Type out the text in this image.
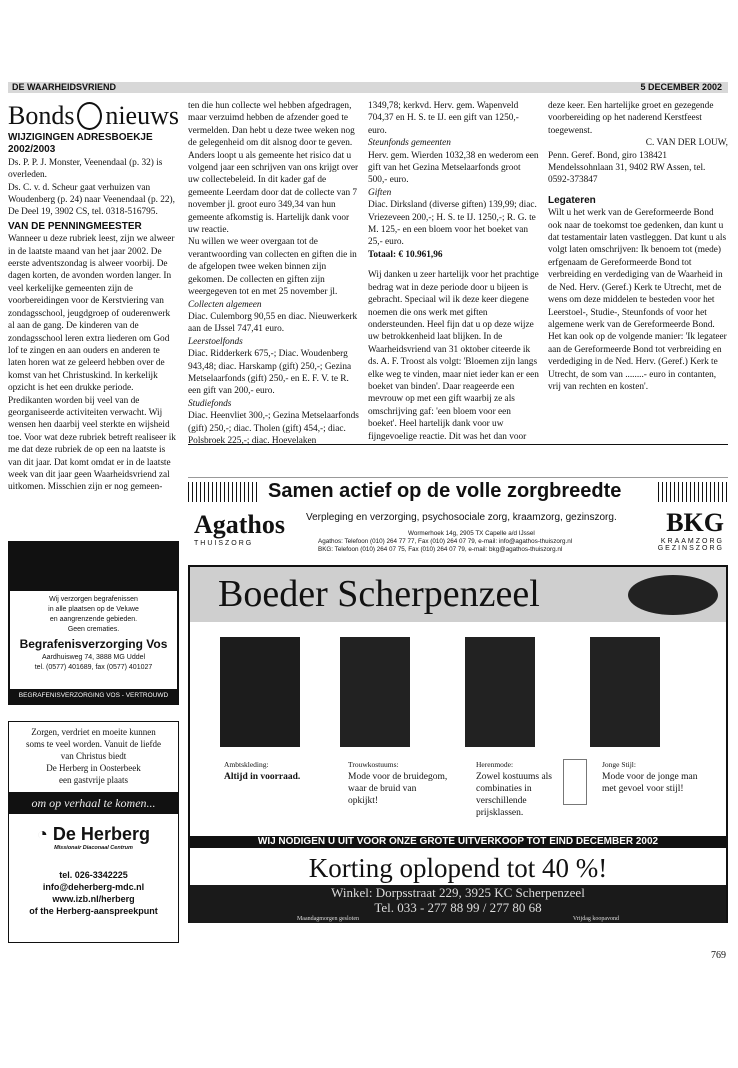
DE WAARHEIDSVRIEND	5 DECEMBER 2002
Bonds nieuws

WIJZIGINGEN ADRESBOEKJE 2002/2003

Ds. P. P. J. Monster, Veenendaal (p. 32) is overleden.

Ds. C. v. d. Scheur gaat verhuizen van Woudenberg (p. 24) naar Veenendaal (p. 22), De Deel 19, 3902 CS, tel. 0318-516795.

VAN DE PENNINGMEESTER

Wanneer u deze rubriek leest, zijn we alweer in de laatste maand van het jaar 2002. De eerste adventszondag is alweer voorbij. De dagen korten, de avonden worden langer. In veel kerkelijke gemeenten zijn de voorbereidingen voor de Kerstviering van zondagsschool, jeugdgroep of ouderenwerk al aan de gang. De kinderen van de zondagsschool leren extra liederen om God lof te zingen en aan ouders en anderen te laten horen wat ze geleerd hebben over de komst van het Christuskind. In kerkelijk opzicht is het een drukke periode. Predikanten worden bij veel van de georganiseerde activiteiten verwacht. Wij wensen hen daarbij veel sterkte en wijsheid toe. Voor wat deze rubriek betreft realiseer ik me dat deze rubriek de op een na laatste is van dit jaar. Dat komt omdat er in de laatste week van dit jaar geen Waarheidsvriend zal uitkomen. Misschien zijn er nog gemeen-

ten die hun collecte wel hebben afgedragen, maar verzuimd hebben de afzender goed te vermelden. Dan hebt u deze twee weken nog de gelegenheid om dit alsnog door te geven. Anders loopt u als gemeente het risico dat u volgend jaar een schrijven van ons krijgt over uw collectebeleid. In dit kader gaf de gemeente Leerdam door dat de collecte van 7 november jl. groot euro 349,34 van hun gemeente afkomstig is. Hartelijk dank voor uw reactie.

Nu willen we weer overgaan tot de verantwoording van collecten en giften die in de afgelopen twee weken binnen zijn gekomen. De collecten en giften zijn weergegeven tot en met 25 november jl.

Collecten algemeen

Diac. Culemborg 90,55 en diac. Nieuwerkerk aan de IJssel 747,41 euro.

Leerstoelfonds

Diac. Ridderkerk 675,-; Diac. Woudenberg 943,48; diac. Harskamp (gift) 250,-; Gezina Metselaarfonds (gift) 250,- en E. F. V. te R. een gift van 200,- euro.

Studiefonds

Diac. Heenvliet 300,-; Gezina Metselaarfonds (gift) 250,-; diac. Tholen (gift) 454,-; diac. Polsbroek 225,-; diac. Hoevelaken

1349,78; kerkvd. Herv. gem. Wapenveld 704,37 en H. S. te IJ. een gift van 1250,- euro.

Steunfonds gemeenten

Herv. gem. Wierden 1032,38 en wederom een gift van het Gezina Metselaarfonds groot 500,- euro.

Giften

Diac. Dirksland (diverse giften) 139,99; diac. Vriezeveen 200,-; H. S. te IJ. 1250,-; R. G. te M. 125,- en een bloem voor het boeket van 25,- euro.

Totaal: € 10.961,96

Wij danken u zeer hartelijk voor het prachtige bedrag wat in deze periode door u bijeen is gebracht. Speciaal wil ik deze keer diegene noemen die ons werk met giften ondersteunden. Heel fijn dat u op deze wijze uw betrokkenheid laat blijken. In de Waarheidsvriend van 31 oktober citeerde ik ds. A. F. Troost als volgt: 'Bloemen zijn langs elke weg te vinden, maar niet ieder kan er een boeket van binden'. Daar reageerde een mevrouw op met een gift waarbij ze als omschrijving gaf: 'een bloem voor een boeket'. Heel hartelijk dank voor uw fijngevoelige reactie. Dit was het dan voor

deze keer. Een hartelijke groet en gezegende voorbereiding op het naderend Kerstfeest toegewenst.

C. VAN DER LOUW,

Penn. Geref. Bond, giro 138421 Mendelssohnlaan 31, 9402 RW Assen, tel. 0592-373847

Legateren

Wilt u het werk van de Gereformeerde Bond ook naar de toekomst toe gedenken, dan kunt u dat testamentair laten vastleggen. Dat kunt u als volgt laten omschrijven: Ik benoem tot (mede) erfgenaam de Gereformeerde Bond tot verbreiding en verdediging van de Waarheid in de Ned. Herv. (Geref.) Kerk te Utrecht, met de wens om deze middelen te besteden voor het Leerstoel-, Studie-, Steunfonds of voor het algemene werk van de Gereformeerde Bond.

Het kan ook op de volgende manier: 'Ik legateer aan de Gereformeerde Bond tot verbreiding en verdediging in de Ned. Herv. (Geref.) Kerk te Utrecht, de som van ........- euro in contanten, vrij van rechten en kosten'.

Samen actief op de volle zorgbreedte
Agathos
THUISZORG
Verpleging en verzorging, psychosociale zorg, kraamzorg, gezinszorg.
Wormerhoek 14g, 2905 TX Capelle a/d IJssel
Agathos: Telefoon (010) 264 77 77, Fax (010) 264 07 79, e-mail: info@agathos-thuiszorg.nl
BKG: Telefoon (010) 264 07 75, Fax (010) 264 07 79, e-mail: bkg@agathos-thuiszorg.nl
BKG
KRAAMZORG
GEZINSZORG
Boeder Scherpenzeel
Ambtskleding:
Altijd in voorraad.
Trouwkostuums:
Mode voor de bruidegom, waar de bruid van opkijkt!
Herenmode:
Zowel kostuums als combinaties in verschillende prijsklassen.
Jonge Stijl:
Mode voor de jonge man met gevoel voor stijl!
WIJ NODIGEN U UIT VOOR ONZE GROTE UITVERKOOP TOT EIND DECEMBER 2002
Korting oplopend tot 40 %!
Winkel: Dorpsstraat 229, 3925 KC Scherpenzeel
Tel. 033 - 277 88 99 / 277 80 68
Maandagmorgen gesloten	Vrijdag koopavond
Wij verzorgen begrafenissen
in alle plaatsen op de Veluwe
en aangrenzende gebieden.
Geen crematies.
Begrafenisverzorging Vos
Aardhuisweg 74, 3888 MG Uddel
tel. (0577) 401689, fax (0577) 401027
BEGRAFENISVERZORGING VOS - VERTROUWD VERZORGD
Zorgen, verdriet en moeite kunnen
soms te veel worden. Vanuit de liefde
van Christus biedt
De Herberg in Oosterbeek
een gastvrije plaats
om op verhaal te komen...
◔ De Herberg
Missionair Diaconaal Centrum
tel. 026-3342225
info@deherberg-mdc.nl
www.izb.nl/herberg
of the Herberg-aanspreekpunt
769
